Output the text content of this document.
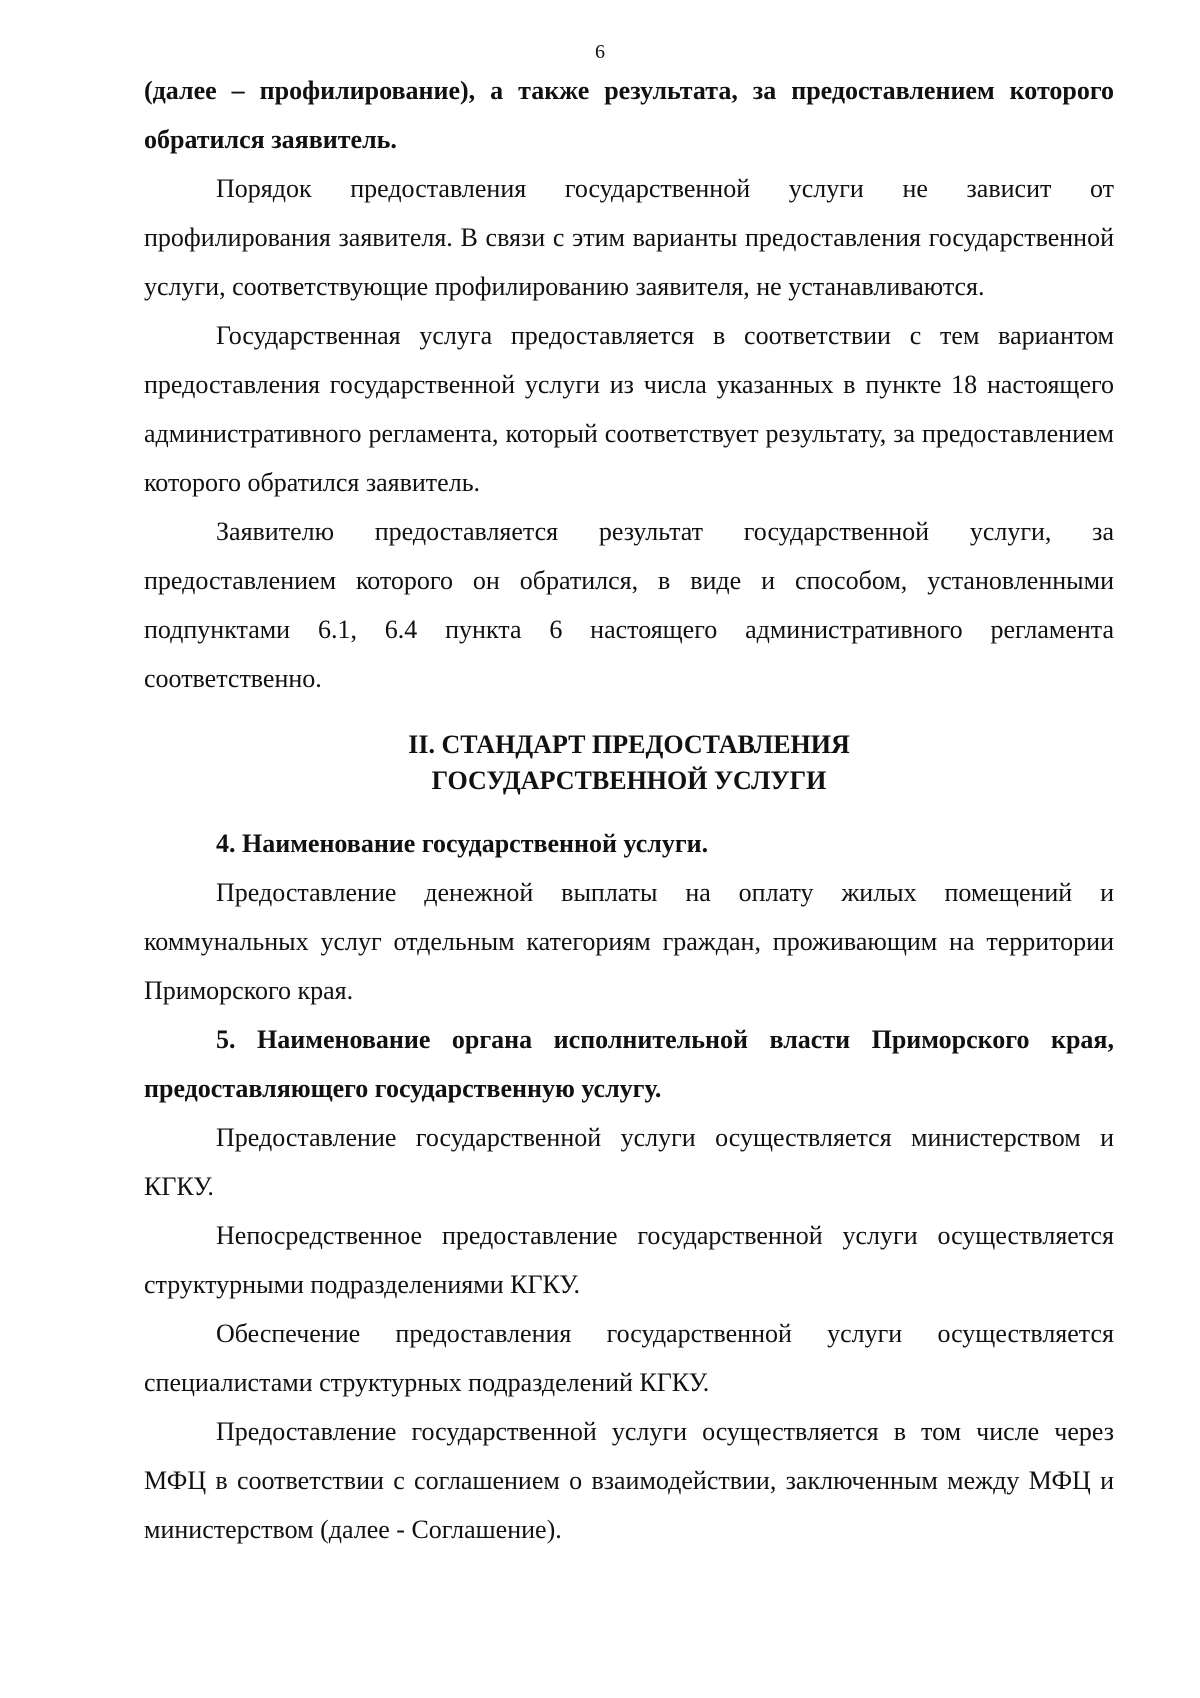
6

(далее – профилирование), а также результата, за предоставлением которого обратился заявитель.

Порядок предоставления государственной услуги не зависит от профилирования заявителя. В связи с этим варианты предоставления государственной услуги, соответствующие профилированию заявителя, не устанавливаются.

Государственная услуга предоставляется в соответствии с тем вариантом предоставления государственной услуги из числа указанных в пункте 18 настоящего административного регламента, который соответствует результату, за предоставлением которого обратился заявитель.

Заявителю предоставляется результат государственной услуги, за предоставлением которого он обратился, в виде и способом, установленными подпунктами 6.1, 6.4 пункта 6 настоящего административного регламента соответственно.

II. СТАНДАРТ ПРЕДОСТАВЛЕНИЯ
ГОСУДАРСТВЕННОЙ УСЛУГИ

4. Наименование государственной услуги.

Предоставление денежной выплаты на оплату жилых помещений и коммунальных услуг отдельным категориям граждан, проживающим на территории Приморского края.

5. Наименование органа исполнительной власти Приморского края, предоставляющего государственную услугу.

Предоставление государственной услуги осуществляется министерством и КГКУ.

Непосредственное предоставление государственной услуги осуществляется структурными подразделениями КГКУ.

Обеспечение предоставления государственной услуги осуществляется специалистами структурных подразделений КГКУ.

Предоставление государственной услуги осуществляется в том числе через МФЦ в соответствии с соглашением о взаимодействии, заключенным между МФЦ и министерством (далее - Соглашение).
